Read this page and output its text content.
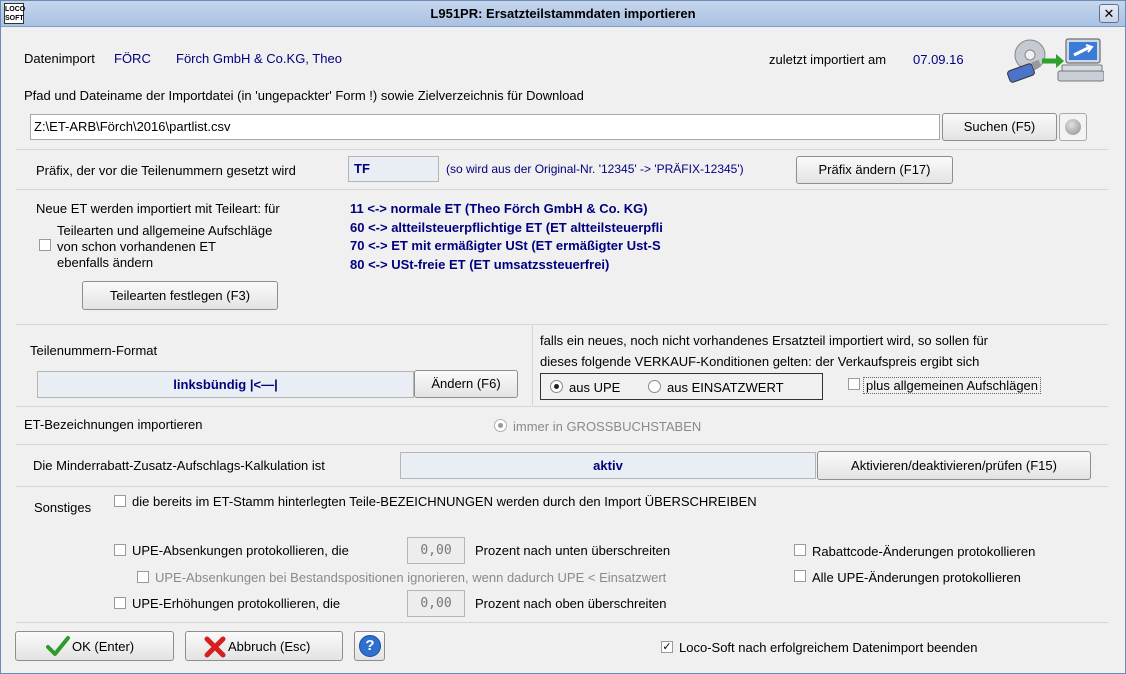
LOCO SOFT	L951PR: Ersatzteilstammdaten importieren	✕
Datenimport FÖRC Förch GmbH & Co.KG, Theo	zuletzt importiert am 07.09.16
Pfad und Dateiname der Importdatei (in 'ungepackter' Form !) sowie Zielverzeichnis für Download
Z:\ET-ARB\Förch\2016\partlist.csv	Suchen (F5)
Präfix, der vor die Teilenummern gesetzt wird	TF	(so wird aus der Original-Nr. '12345' -> 'PRÄFIX-12345')	Präfix ändern (F17)
Neue ET werden importiert mit Teileart: für
Teilearten und allgemeine Aufschläge
von schon vorhandenen ET
ebenfalls ändern
11 <-> normale ET (Theo Förch GmbH & Co. KG)
60 <-> altteilsteuerpflichtige ET (ET altteilsteuerpfli
70 <-> ET mit ermäßigter USt (ET ermäßigter Ust-S
80 <-> USt-freie ET (ET umsatzssteuerfrei)
Teilearten festlegen (F3)
Teilenummern-Format
linksbündig |<—|	Ändern (F6)
falls ein neues, noch nicht vorhandenes Ersatzteil importiert wird, so sollen für
dieses folgende VERKAUF-Konditionen gelten: der Verkaufspreis ergibt sich
aus UPE	aus EINSATZWERT	plus allgemeinen Aufschlägen
ET-Bezeichnungen importieren	immer in GROSSBUCHSTABEN
Die Minderrabatt-Zusatz-Aufschlags-Kalkulation ist	aktiv	Aktivieren/deaktivieren/prüfen (F15)
Sonstiges	die bereits im ET-Stamm hinterlegten Teile-BEZEICHNUNGEN werden durch den Import ÜBERSCHREIBEN
UPE-Absenkungen protokollieren, die	0,00	Prozent nach unten überschreiten
UPE-Absenkungen bei Bestandspositionen ignorieren, wenn dadurch UPE < Einsatzwert
UPE-Erhöhungen protokollieren, die	0,00	Prozent nach oben überschreiten
Rabattcode-Änderungen protokollieren
Alle UPE-Änderungen protokollieren
OK (Enter)	Abbruch (Esc)	?	✓ Loco-Soft nach erfolgreichem Datenimport beenden
